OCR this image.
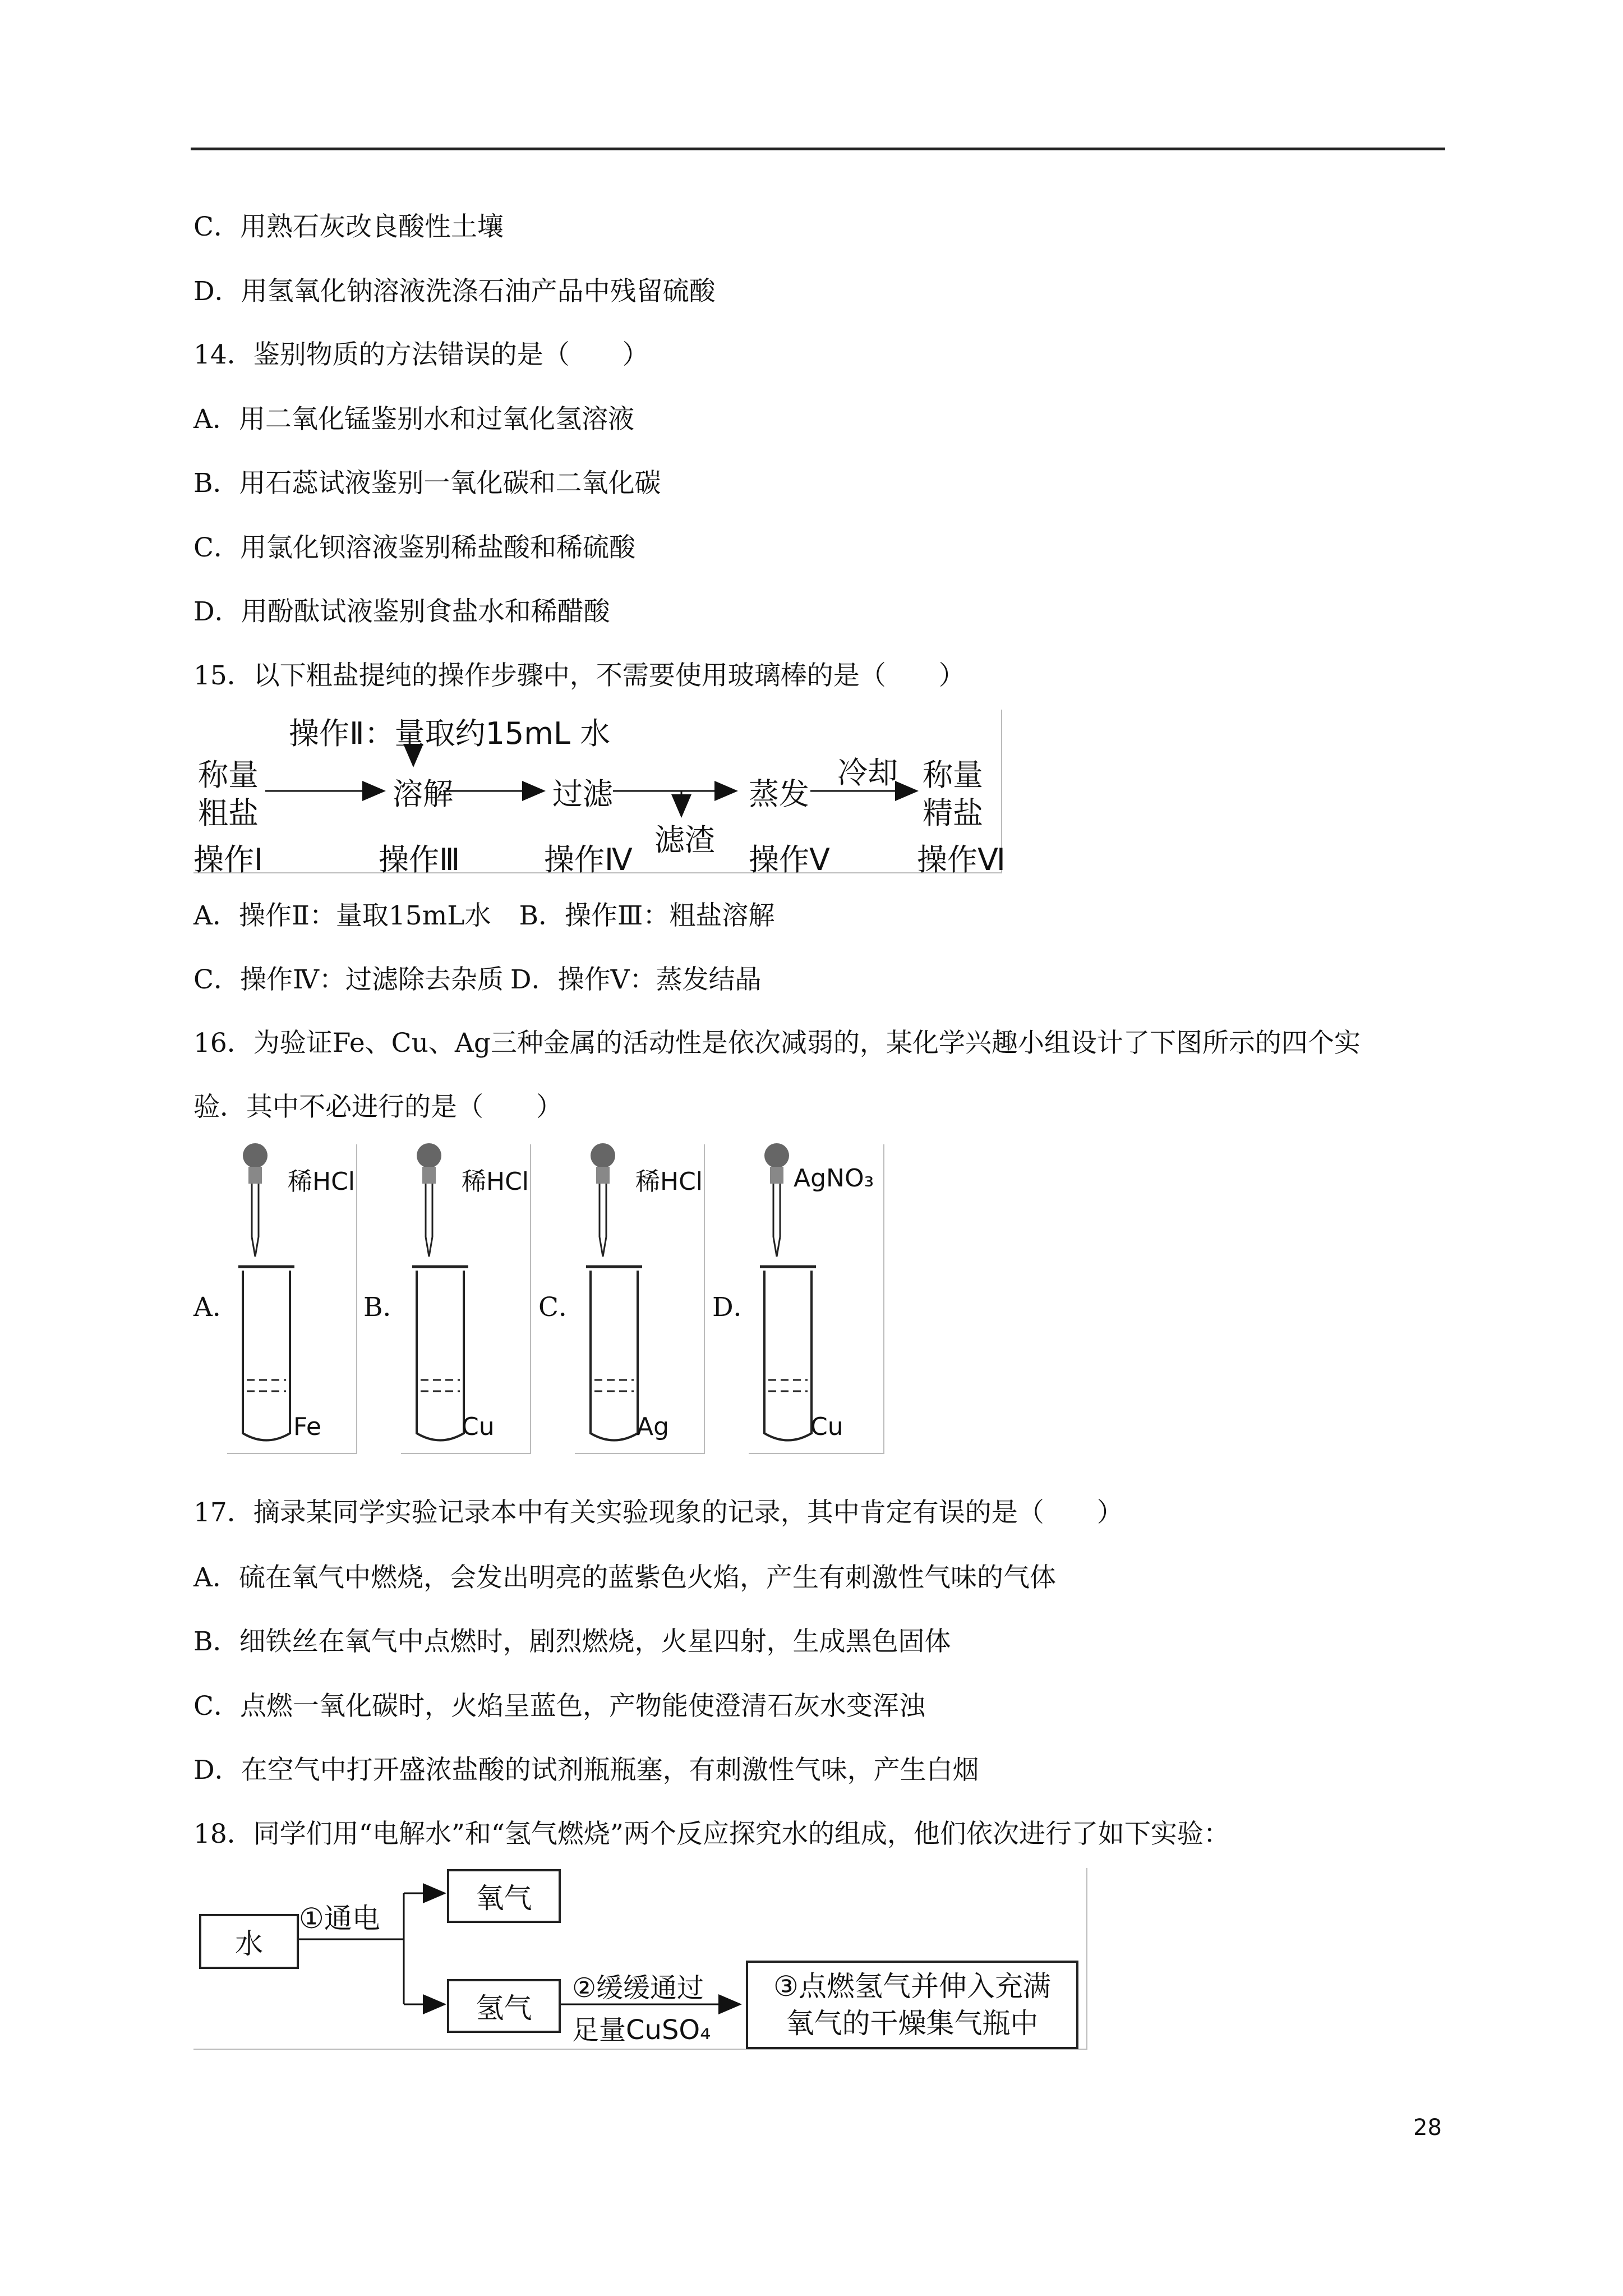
C．用熟石灰改良酸性土壤
D．用氢氧化钠溶液洗涤石油产品中残留硫酸
14．鉴别物质的方法错误的是（　　）
A．用二氧化锰鉴别水和过氧化氢溶液
B．用石蕊试液鉴别一氧化碳和二氧化碳
C．用氯化钡溶液鉴别稀盐酸和稀硫酸
D．用酚酞试液鉴别食盐水和稀醋酸
15．以下粗盐提纯的操作步骤中，不需要使用玻璃棒的是（　　）
操作Ⅱ：量取约15mL 水
称量
粗盐
溶解	过滤
滤渣
蒸发
冷却 称量
精盐
操作Ⅰ	操作Ⅲ	操作Ⅳ	操作Ⅴ	操作Ⅵ
A．操作Ⅱ：量取15mL水 B．操作Ⅲ：粗盐溶解
C．操作Ⅳ：过滤除去杂质 D．操作Ⅴ：蒸发结晶
16．为验证Fe、Cu、Ag三种金属的活动性是依次减弱的，某化学兴趣小组设计了下图所示的四个实
验．其中不必进行的是（　　）
A．
稀HCl
Fe
B．
稀HCl
Cu
C．
稀HCl
Ag
D．
AgNO₃
Cu
17．摘录某同学实验记录本中有关实验现象的记录，其中肯定有误的是（　　）
A．硫在氧气中燃烧，会发出明亮的蓝紫色火焰，产生有刺激性气味的气体
B．细铁丝在氧气中点燃时，剧烈燃烧，火星四射，生成黑色固体
C．点燃一氧化碳时，火焰呈蓝色，产物能使澄清石灰水变浑浊
D．在空气中打开盛浓盐酸的试剂瓶瓶塞，有刺激性气味，产生白烟
18．同学们用“电解水”和“氢气燃烧”两个反应探究水的组成，他们依次进行了如下实验：
水
①通电
氧气
氢气
②缓缓通过
足量CuSO₄
③点燃氢气并伸入充满
氧气的干燥集气瓶中
28
